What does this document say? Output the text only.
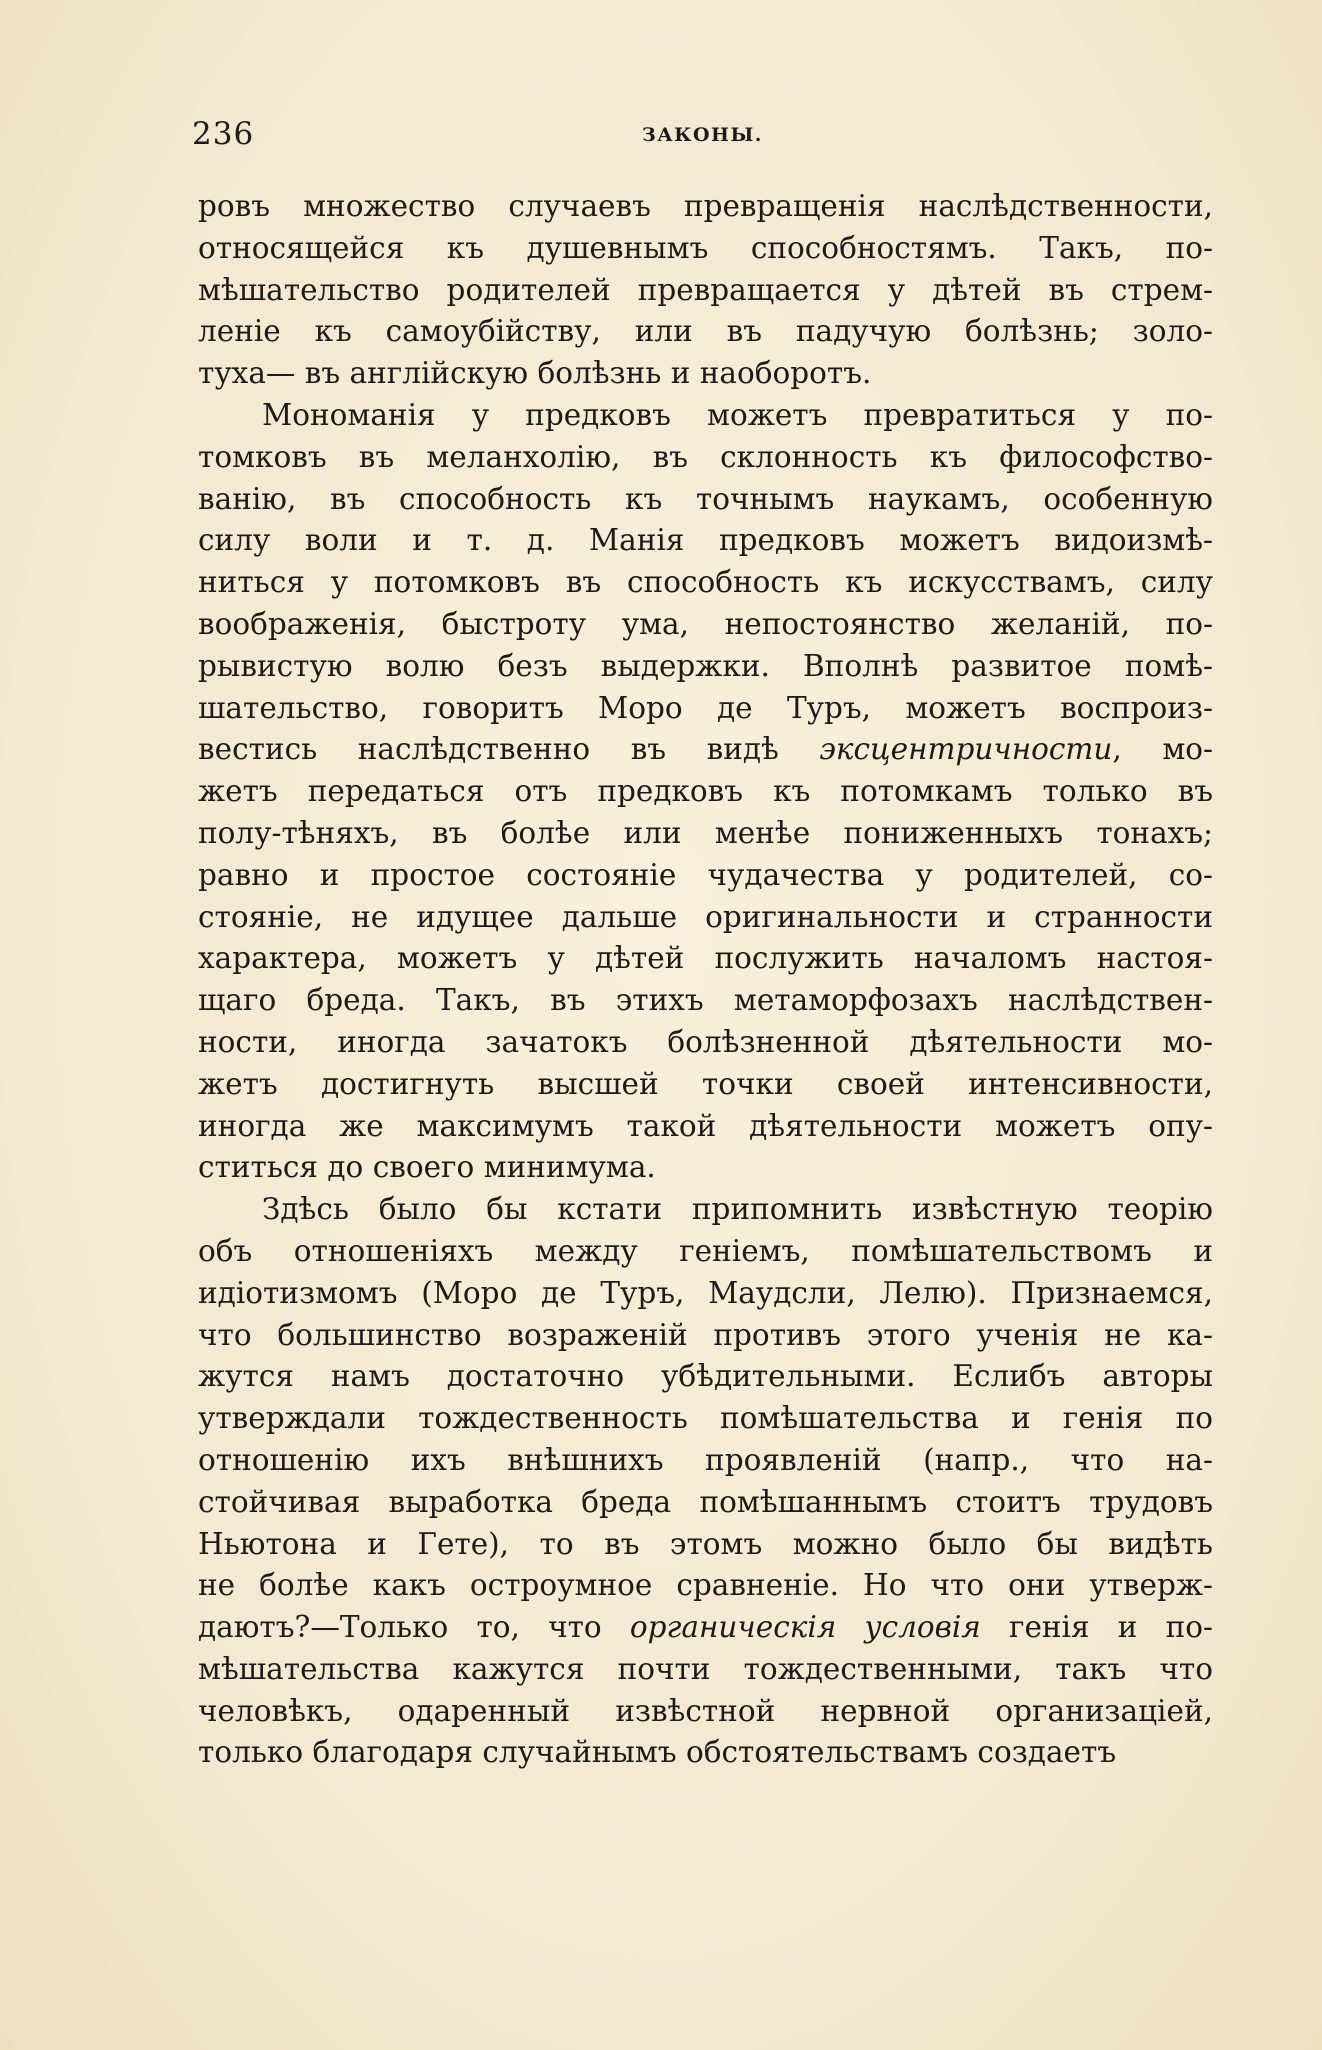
236	ЗАКОНЫ.
ровъ множество случаевъ превращенія наслѣдственности,
относящейся къ душевнымъ способностямъ. Такъ, по-
мѣшательство родителей превращается у дѣтей въ стрем-
леніе къ самоубійству, или въ падучую болѣзнь; золо-
туха— въ англійскую болѣзнь и наоборотъ.
Мономанія у предковъ можетъ превратиться у по-
томковъ въ меланхолію, въ склонность къ философство-
ванію, въ способность къ точнымъ наукамъ, особенную
силу воли и т. д. Манія предковъ можетъ видоизмѣ-
ниться у потомковъ въ способность къ искусствамъ, силу
воображенія, быстроту ума, непостоянство желаній, по-
рывистую волю безъ выдержки. Вполнѣ развитое помѣ-
шательство, говоритъ Моро де Туръ, можетъ воспроиз-
вестись наслѣдственно въ видѣ эксцентричности, мо-
жетъ передаться отъ предковъ къ потомкамъ только въ
полу-тѣняхъ, въ болѣе или менѣе пониженныхъ тонахъ;
равно и простое состояніе чудачества у родителей, со-
стояніе, не идущее дальше оригинальности и странности
характера, можетъ у дѣтей послужить началомъ настоя-
щаго бреда. Такъ, въ этихъ метаморфозахъ наслѣдствен-
ности, иногда зачатокъ болѣзненной дѣятельности мо-
жетъ достигнуть высшей точки своей интенсивности,
иногда же максимумъ такой дѣятельности можетъ опу-
ститься до своего минимума.
Здѣсь было бы кстати припомнить извѣстную теорію
объ отношеніяхъ между геніемъ, помѣшательствомъ и
идіотизмомъ (Моро де Туръ, Маудсли, Лелю). Признаемся,
что большинство возраженій противъ этого ученія не ка-
жутся намъ достаточно убѣдительными. Еслибъ авторы
утверждали тождественность помѣшательства и генія по
отношенію ихъ внѣшнихъ проявленій (напр., что на-
стойчивая выработка бреда помѣшаннымъ стоитъ трудовъ
Ньютона и Гете), то въ этомъ можно было бы видѣть
не болѣе какъ остроумное сравненіе. Но что они утверж-
даютъ?—Только то, что органическія условія генія и по-
мѣшательства кажутся почти тождественными, такъ что
человѣкъ, одаренный извѣстной нервной организаціей,
только благодаря случайнымъ обстоятельствамъ создаетъ
